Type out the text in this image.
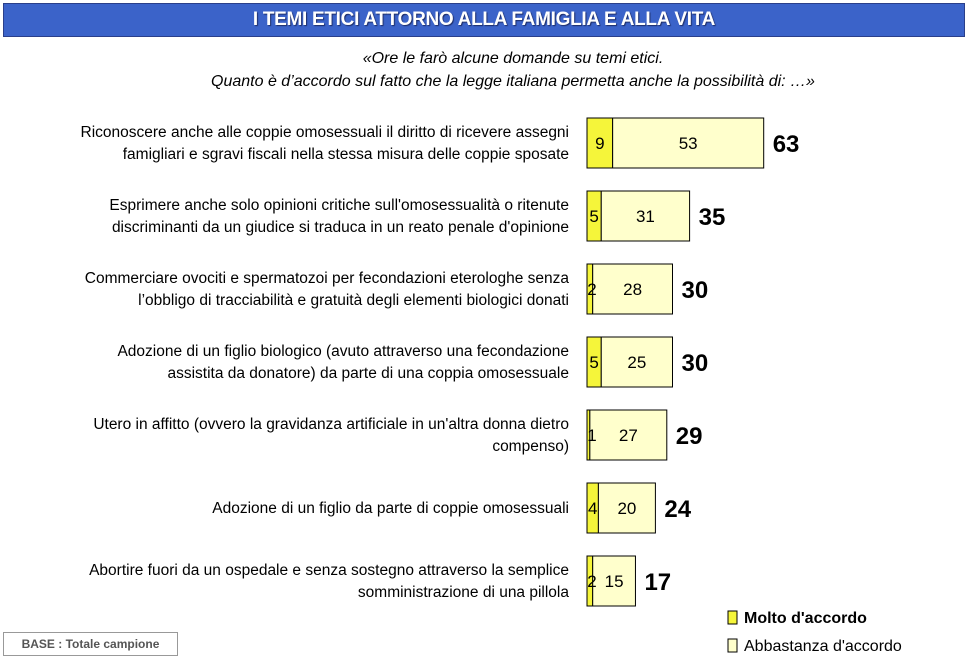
I TEMI ETICI ATTORNO ALLA FAMIGLIA E ALLA VITA
«Ore le farò alcune domande su temi etici.
Quanto è d’accordo sul fatto che la legge italiana permetta anche la possibilità di: …»
Riconoscere anche alle coppie omosessuali il diritto di ricevere assegni
famigliari e sgravi fiscali nella stessa misura delle coppie sposate
9	53	63
Esprimere anche solo opinioni critiche sull'omosessualità o ritenute
discriminanti da un giudice si traduca in un reato penale d'opinione
5 31 35
Commerciare ovociti e spermatozoi per fecondazioni eterologhe senza
l’obbligo di tracciabilità e gratuità degli elementi biologici donati
2 28 30
Adozione di un figlio biologico (avuto attraverso una fecondazione
assistita da donatore) da parte di una coppia omosessuale
5 25 30
Utero in affitto (ovvero la gravidanza artificiale in un'altra donna dietro
compenso)
1 27 29
Adozione di un figlio da parte di coppie omosessuali 4 20 24
Abortire fuori da un ospedale e senza sostegno attraverso la semplice
somministrazione di una pillola
2 15 17
Molto d'accordo
Abbastanza d'accordo
BASE : Totale campione
